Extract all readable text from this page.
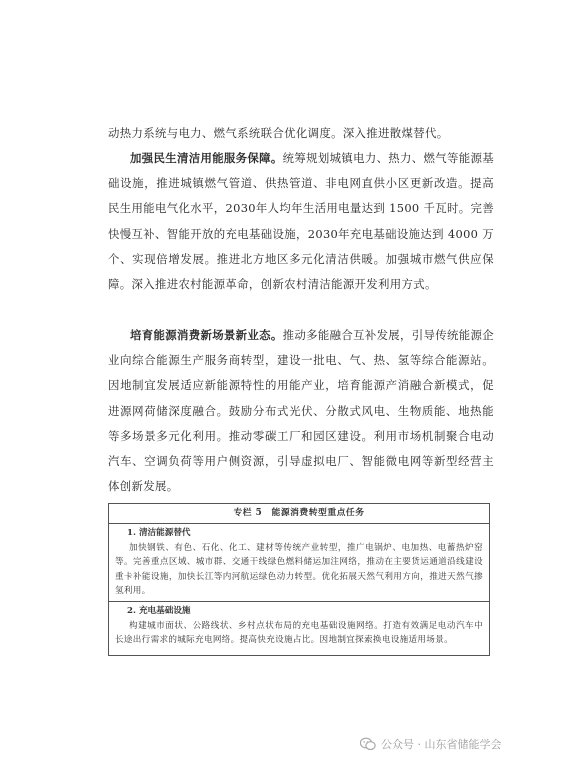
动热力系统与电力、燃气系统联合优化调度。深入推进散煤替代。

加强民生清洁用能服务保障。统筹规划城镇电力、热力、燃气等能源基础设施，推进城镇燃气管道、供热管道、非电网直供小区更新改造。提高民生用能电气化水平，2030年人均年生活用电量达到 1500 千瓦时。完善快慢互补、智能开放的充电基础设施，2030年充电基础设施达到 4000 万个、实现倍增发展。推进北方地区多元化清洁供暖。加强城市燃气供应保障。深入推进农村能源革命，创新农村清洁能源开发利用方式。

培育能源消费新场景新业态。推动多能融合互补发展，引导传统能源企业向综合能源生产服务商转型，建设一批电、气、热、氢等综合能源站。因地制宜发展适应新能源特性的用能产业，培育能源产消融合新模式，促进源网荷储深度融合。鼓励分布式光伏、分散式风电、生物质能、地热能等多场景多元化利用。推动零碳工厂和园区建设。利用市场机制聚合电动汽车、空调负荷等用户侧资源，引导虚拟电厂、智能微电网等新型经营主体创新发展。

专栏 5　能源消费转型重点任务
1. 清洁能源替代
加快钢铁、有色、石化、化工、建材等传统产业转型，推广电锅炉、电加热、电蓄热炉窑等。完善重点区域、城市群、交通干线绿色燃料储运加注网络，推动在主要货运通道沿线建设重卡补能设施，加快长江等内河航运绿色动力转型。优化拓展天然气利用方向，推进天然气掺氢利用。
2. 充电基础设施
构建城市面状、公路线状、乡村点状布局的充电基础设施网络。打造有效满足电动汽车中长途出行需求的城际充电网络。提高快充设施占比。因地制宜探索换电设施适用场景。
公众号 · 山东省储能学会
